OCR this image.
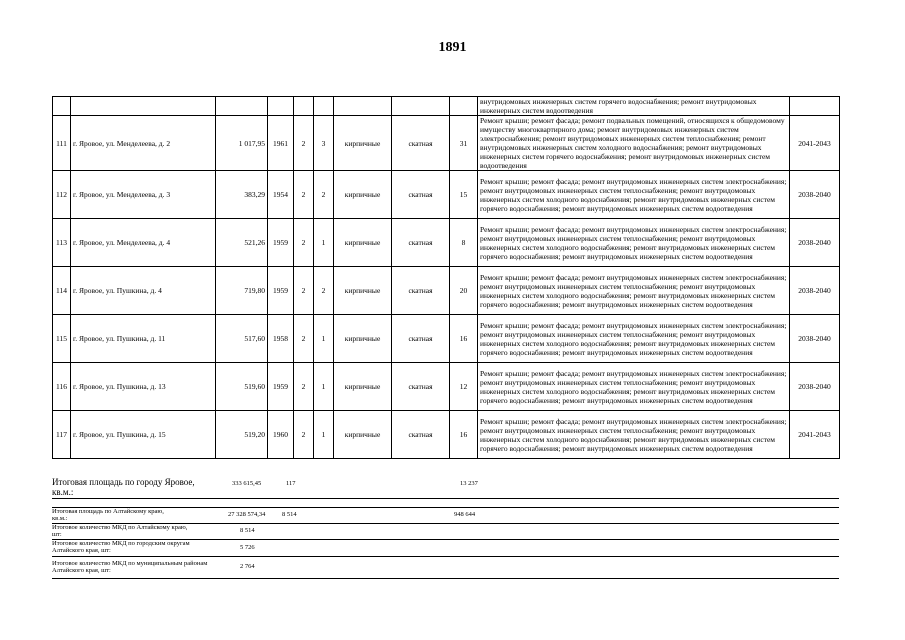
1891
									внутридомовых инженерных систем горячего водоснабжения; ремонт внутридомовых инженерных систем водоотведения	
111	г. Яровое, ул. Менделеева, д. 2	1 017,95	1961	2	3	кирпичные	скатная	31	Ремонт крыши; ремонт фасада; ремонт подвальных помещений, относящихся к общедомовому имуществу многоквартирного дома; ремонт внутридомовых инженерных систем электроснабжения; ремонт внутридомовых инженерных систем теплоснабжения; ремонт внутридомовых инженерных систем холодного водоснабжения; ремонт внутридомовых инженерных систем горячего водоснабжения; ремонт внутридомовых инженерных систем водоотведения	2041-2043
112	г. Яровое, ул. Менделеева, д. 3	383,29	1954	2	2	кирпичные	скатная	15	Ремонт крыши; ремонт фасада; ремонт внутридомовых инженерных систем электроснабжения; ремонт внутридомовых инженерных систем теплоснабжения; ремонт внутридомовых инженерных систем холодного водоснабжения; ремонт внутридомовых инженерных систем горячего водоснабжения; ремонт внутридомовых инженерных систем водоотведения	2038-2040
113	г. Яровое, ул. Менделеева, д. 4	521,26	1959	2	1	кирпичные	скатная	8	Ремонт крыши; ремонт фасада; ремонт внутридомовых инженерных систем электроснабжения; ремонт внутридомовых инженерных систем теплоснабжения; ремонт внутридомовых инженерных систем холодного водоснабжения; ремонт внутридомовых инженерных систем горячего водоснабжения; ремонт внутридомовых инженерных систем водоотведения	2038-2040
114	г. Яровое, ул. Пушкина, д. 4	719,80	1959	2	2	кирпичные	скатная	20	Ремонт крыши; ремонт фасада; ремонт внутридомовых инженерных систем электроснабжения; ремонт внутридомовых инженерных систем теплоснабжения; ремонт внутридомовых инженерных систем холодного водоснабжения; ремонт внутридомовых инженерных систем горячего водоснабжения; ремонт внутридомовых инженерных систем водоотведения	2038-2040
115	г. Яровое, ул. Пушкина, д. 11	517,60	1958	2	1	кирпичные	скатная	16	Ремонт крыши; ремонт фасада; ремонт внутридомовых инженерных систем электроснабжения; ремонт внутридомовых инженерных систем теплоснабжения; ремонт внутридомовых инженерных систем холодного водоснабжения; ремонт внутридомовых инженерных систем горячего водоснабжения; ремонт внутридомовых инженерных систем водоотведения	2038-2040
116	г. Яровое, ул. Пушкина, д. 13	519,60	1959	2	1	кирпичные	скатная	12	Ремонт крыши; ремонт фасада; ремонт внутридомовых инженерных систем электроснабжения; ремонт внутридомовых инженерных систем теплоснабжения; ремонт внутридомовых инженерных систем холодного водоснабжения; ремонт внутридомовых инженерных систем горячего водоснабжения; ремонт внутридомовых инженерных систем водоотведения	2038-2040
117	г. Яровое, ул. Пушкина, д. 15	519,20	1960	2	1	кирпичные	скатная	16	Ремонт крыши; ремонт фасада; ремонт внутридомовых инженерных систем электроснабжения; ремонт внутридомовых инженерных систем теплоснабжения; ремонт внутридомовых инженерных систем холодного водоснабжения; ремонт внутридомовых инженерных систем горячего водоснабжения; ремонт внутридомовых инженерных систем водоотведения	2041-2043
Итоговая площадь по городу Яровое, кв.м.:
333 615,45	117	13 237
Итоговая площадь по Алтайскому краю, кв.м.:
27 328 574,34	8 514	948 644
Итоговое количество МКД по Алтайскому краю, шт:
8 514
Итоговое количество МКД по городским округам Алтайского края, шт:	5 726
Итоговое количество МКД по муниципальным районам Алтайского края, шт:
2 764
